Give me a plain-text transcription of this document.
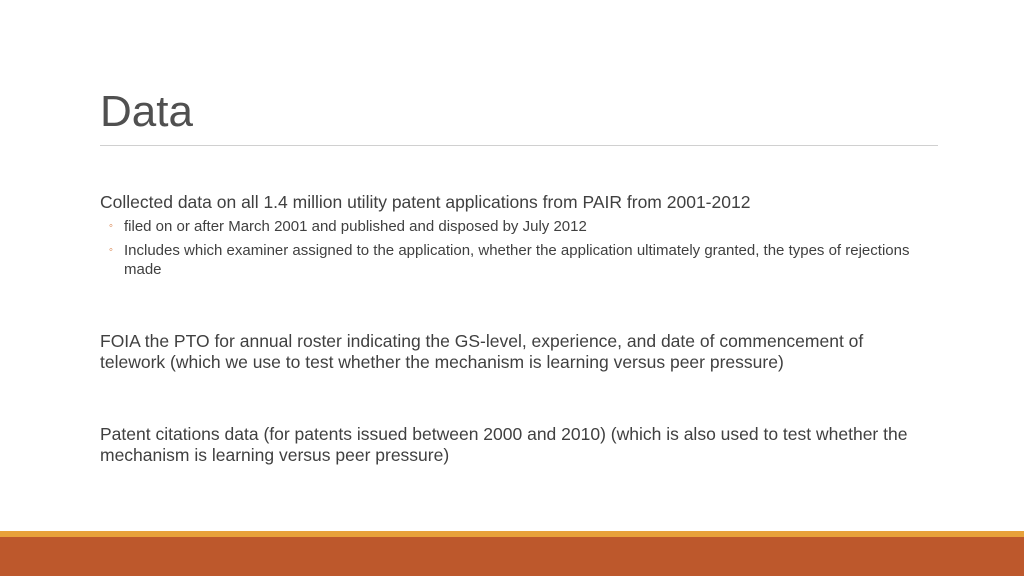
Data

Collected data on all 1.4 million utility patent applications from PAIR from 2001-2012

◦ filed on or after March 2001 and published and disposed by July 2012
◦ Includes which examiner assigned to the application, whether the application ultimately granted, the types of rejections made

FOIA the PTO for annual roster indicating the GS-level, experience, and date of commencement of telework (which we use to test whether the mechanism is learning versus peer pressure)

Patent citations data (for patents issued between 2000 and 2010) (which is also used to test whether the mechanism is learning versus peer pressure)
